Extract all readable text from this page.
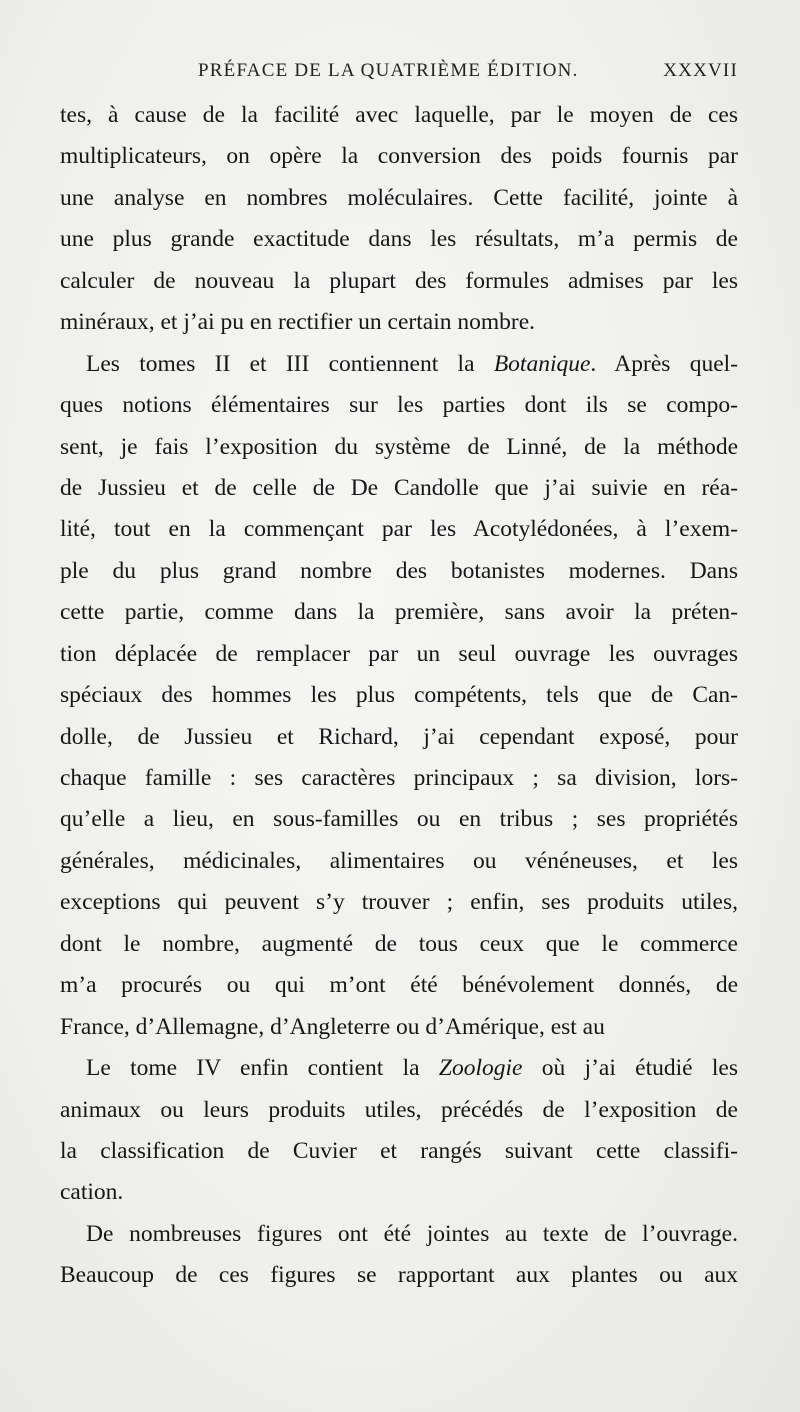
PRÉFACE DE LA QUATRIÈME ÉDITION.	XXXVII
tes, à cause de la facilité avec laquelle, par le moyen de ces
multiplicateurs, on opère la conversion des poids fournis par
une analyse en nombres moléculaires. Cette facilité, jointe à
une plus grande exactitude dans les résultats, m’a permis de
calculer de nouveau la plupart des formules admises par les
minéraux, et j’ai pu en rectifier un certain nombre.
Les tomes II et III contiennent la Botanique. Après quel-
ques notions élémentaires sur les parties dont ils se compo-
sent, je fais l’exposition du système de Linné, de la méthode
de Jussieu et de celle de De Candolle que j’ai suivie en réa-
lité, tout en la commençant par les Acotylédonées, à l’exem-
ple du plus grand nombre des botanistes modernes. Dans
cette partie, comme dans la première, sans avoir la préten-
tion déplacée de remplacer par un seul ouvrage les ouvrages
spéciaux des hommes les plus compétents, tels que de Can-
dolle, de Jussieu et Richard, j’ai cependant exposé, pour
chaque famille : ses caractères principaux ; sa division, lors-
qu’elle a lieu, en sous-familles ou en tribus ; ses propriétés
générales, médicinales, alimentaires ou vénéneuses, et les
exceptions qui peuvent s’y trouver ; enfin, ses produits utiles,
dont le nombre, augmenté de tous ceux que le commerce
m’a procurés ou qui m’ont été bénévolement donnés, de
France, d’Allemagne, d’Angleterre ou d’Amérique, est au
Le tome IV enfin contient la Zoologie où j’ai étudié les
animaux ou leurs produits utiles, précédés de l’exposition de
la classification de Cuvier et rangés suivant cette classifi-
cation.
De nombreuses figures ont été jointes au texte de l’ouvrage.
Beaucoup de ces figures se rapportant aux plantes ou aux
